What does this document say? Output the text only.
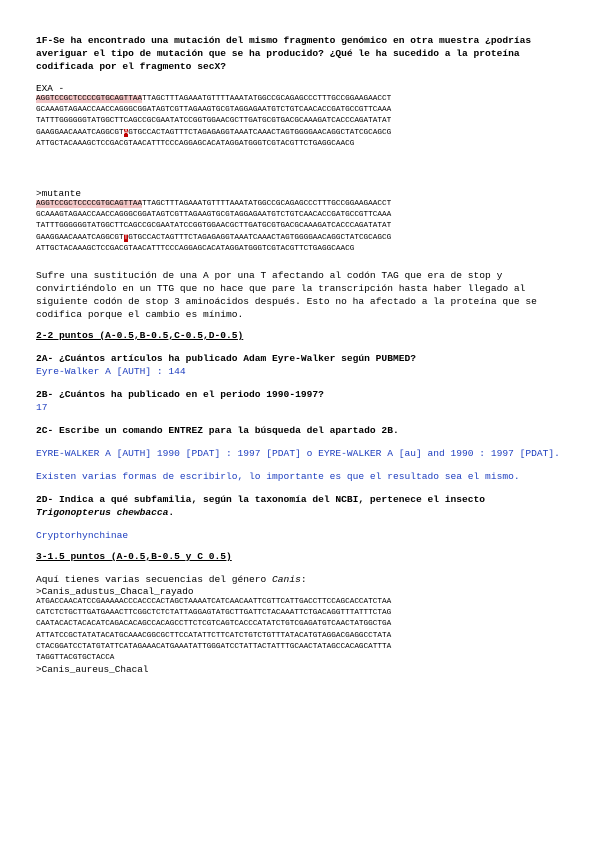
1F-Se ha encontrado una mutación del mismo fragmento genómico en otra muestra ¿podrías averiguar el tipo de mutación que se ha producido? ¿Qué le ha sucedido a la proteína codificada por el fragmento secX?

EXA -

AGGTCCGCTCCCCGTGCAGTTAATTAGCTTTAGAAATGTTTTAAATATGGCCGCAGAGCCCTTTGCCGGAAGAACCT

GCAAAGTAGAACCAACCAGGGCGGATAGTCGTTAGAAGTGCGTAGGAGAATGTCTGTCAACACCGATGCCGTTCAAA

TATTTGGGGGGTATGGCTTCAGCCGCGAATATCCGGTGGAACGCTTGATGCGTGACGCAAAGATCACCCAGATATAT

GAAGGAACAAATCAGGCGTAGTGCCACTAGTTTCTAGAGAGGTAAATCAAACTAGTGGGGAACAGGCTATCGCAGCG

ATTGCTACAAAGCTCCGACGTAACATTTCCCAGGAGCACATAGGATGGGTCGTACGTTCTGAGGCAACG

>mutante

AGGTCCGCTCCCCGTGCAGTTAATTAGCTTTAGAAATGTTTTAAATATGGCCGCAGAGCCCTTTGCCGGAAGAACCT

GCAAAGTAGAACCAACCAGGGCGGATAGTCGTTAGAAGTGCGTAGGAGAATGTCTGTCAACACCGATGCCGTTCAAA

TATTTGGGGGGTATGGCTTCAGCCGCGAATATCCGGTGGAACGCTTGATGCGTGACGCAAAGATCACCCAGATATAT

GAAGGAACAAATCAGGCGTTGTGCCACTAGTTTCTAGAGAGGTAAATCAAACTAGTGGGGAACAGGCTATCGCAGCG

ATTGCTACAAAGCTCCGACGTAACATTTCCCAGGAGCACATAGGATGGGTCGTACGTTCTGAGGCAACG

Sufre una sustitución de una A por una T afectando al codón TAG que era de stop y convirtiéndolo en un TTG que no hace que pare la transcripción hasta haber llegado al siguiente codón de stop 3 aminoácidos después. Esto no ha afectado a la proteína que se codifica porque el cambio es mínimo.

2-2 puntos (A-0.5,B-0.5,C-0.5,D-0.5)

2A- ¿Cuántos artículos ha publicado Adam Eyre-Walker según PUBMED?

Eyre-Walker A [AUTH] : 144

2B- ¿Cuántos ha publicado en el periodo 1990-1997?

17

2C- Escribe un comando ENTREZ para la búsqueda del apartado 2B.

EYRE-WALKER A [AUTH] 1990 [PDAT] : 1997 [PDAT] o EYRE-WALKER A [au] and 1990 : 1997 [PDAT].

Existen varias formas de escribirlo, lo importante es que el resultado sea el mismo.

2D- Indica a qué subfamilia, según la taxonomía del NCBI, pertenece el insecto Trigonopterus chewbacca.

Cryptorhynchinae

3-1.5 puntos (A-0.5,B-0.5 y C 0.5)

Aquí tienes varias secuencias del género Canis:

>Canis_adustus_Chacal_rayado

ATGACCAACATCCGAAAAACCCACCCACTAGCTAAAATCATCAACAATTCGTTCATTGACCTTCCAGCACCATCTAA

CATCTCTGCTTGATGAAACTTCGGCTCTCTATTAGGAGTATGCTTGATTCTACAAATTCTGACAGGTTTATTTCTAG

CAATACACTACACATCAGACACAGCCACAGCCTTCTCGTCAGTCACCCATATCTGTCGAGATGTCAACTATGGCTGA

ATTATCCGCTATATACATGCAAACGGCGCTTCCATATTCTTCATCTGTCTGTTTATACATGTAGGACGAGGCCTATA

CTACGGATCCTATGTATTCATAGAAACATGAAATATTGGGATCCTATTACTATTTGCAACTATAGCCACAGCATTTA

TAGGTTACGTGCTACCA

>Canis_aureus_Chacal
